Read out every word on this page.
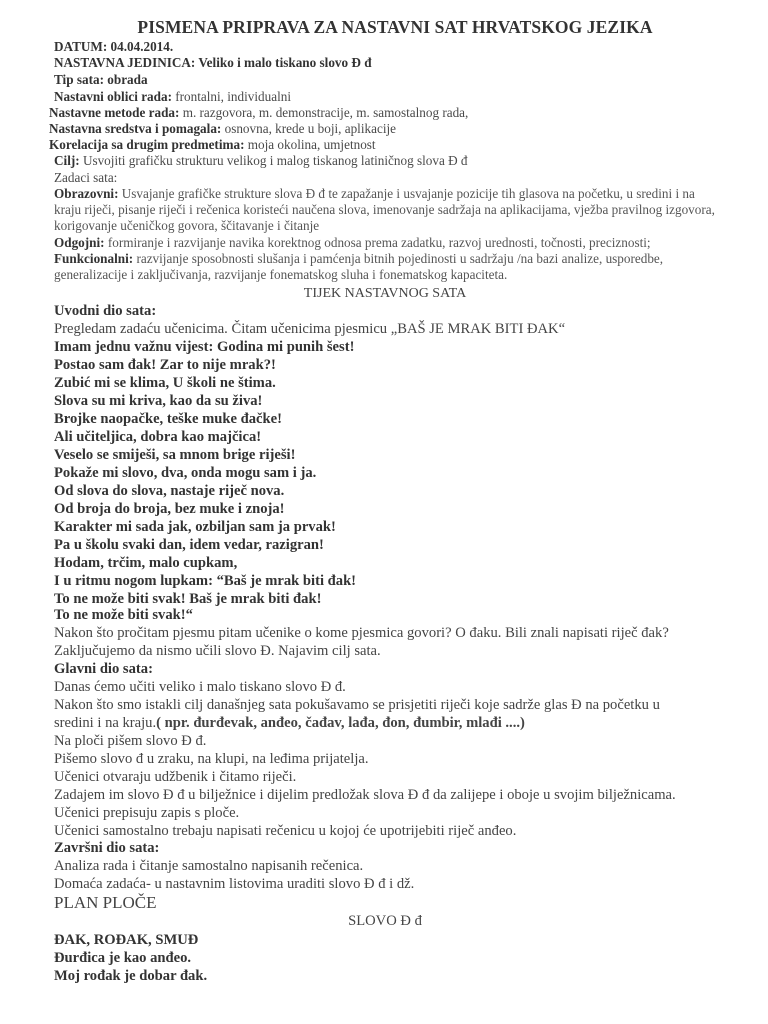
PISMENA PRIPRAVA ZA NASTAVNI SAT HRVATSKOG JEZIKA
DATUM: 04.04.2014.
NASTAVNA JEDINICA: Veliko i malo tiskano slovo Đ đ
Tip sata: obrada
Nastavni oblici rada: frontalni, individualni
Nastavne metode rada: m. razgovora, m. demonstracije, m. samostalnog rada,
Nastavna sredstva i pomagala: osnovna, krede u boji, aplikacije
Korelacija sa drugim predmetima: moja okolina, umjetnost
Cilj: Usvojiti grafičku strukturu velikog i malog tiskanog latiničnog slova Đ đ
Zadaci sata:
Obrazovni: Usvajanje grafičke strukture slova Đ đ te zapažanje i usvajanje pozicije tih glasova na početku, u sredini i na kraju riječi, pisanje riječi i rečenica koristeći naučena slova, imenovanje sadržaja na aplikacijama, vježba pravilnog izgovora, korigovanje učeničkog govora, ščitavanje i čitanje
Odgojni: formiranje i razvijanje navika korektnog odnosa prema zadatku, razvoj urednosti, točnosti, preciznosti;
Funkcionalni: razvijanje sposobnosti slušanja i pamćenja bitnih pojedinosti u sadržaju /na bazi analize, usporedbe, generalizacije i zaključivanja, razvijanje fonematskog sluha i fonematskog kapaciteta.
TIJEK NASTAVNOG SATA
Uvodni dio sata:
Pregledam zadaću učenicima. Čitam učenicima pjesmicu „BAŠ JE MRAK BITI ĐAK“
Imam jednu važnu vijest: Godina mi punih šest!
Postao sam đak! Zar to nije mrak?!
Zubić mi se klima, U školi ne štima.
Slova su mi kriva, kao da su živa!
Brojke naopačke, teške muke đačke!
Ali učiteljica, dobra kao majčica!
Veselo se smiješi, sa mnom brige riješi!
Pokaže mi slovo, dva, onda mogu sam i ja.
Od slova do slova, nastaje riječ nova.
Od broja do broja, bez muke i znoja!
Karakter mi sada jak, ozbiljan sam ja prvak!
Pa u školu svaki dan, idem vedar, razigran!
Hodam, trčim, malo cupkam,
I u ritmu nogom lupkam: “Baš je mrak biti đak!
To ne može biti svak! Baš je mrak biti đak!
To ne može biti svak!“
Nakon što pročitam pjesmu pitam učenike o kome pjesmica govori? O đaku. Bili znali napisati riječ đak?
Zaključujemo da nismo učili slovo Đ. Najavim cilj sata.
Glavni dio sata:
Danas ćemo učiti veliko i malo tiskano slovo Đ đ.
Nakon što smo istakli cilj današnjeg sata pokušavamo se prisjetiti riječi koje sadrže glas Đ na početku u
sredini i na kraju.( npr. đurđevak, anđeo, čađav, lađa, đon, đumbir, mlađi ....)
Na ploči pišem slovo Đ đ.
Pišemo slovo đ u zraku, na klupi, na leđima prijatelja.
Učenici otvaraju udžbenik i čitamo riječi.
Zadajem im slovo Đ đ u bilježnice i dijelim predložak slova Đ đ da zalijepe i oboje u svojim bilježnicama.
Učenici prepisuju zapis s ploče.
Učenici samostalno trebaju napisati rečenicu u kojoj će upotrijebiti riječ anđeo.
Završni dio sata:
Analiza rada i čitanje samostalno napisanih rečenica.
Domaća zadaća- u nastavnim listovima uraditi slovo Đ đ i dž.
PLAN PLOČE
SLOVO Đ đ
ĐAK, ROĐAK, SMUĐ
Đurđica je kao anđeo.
Moj rođak je dobar đak.
